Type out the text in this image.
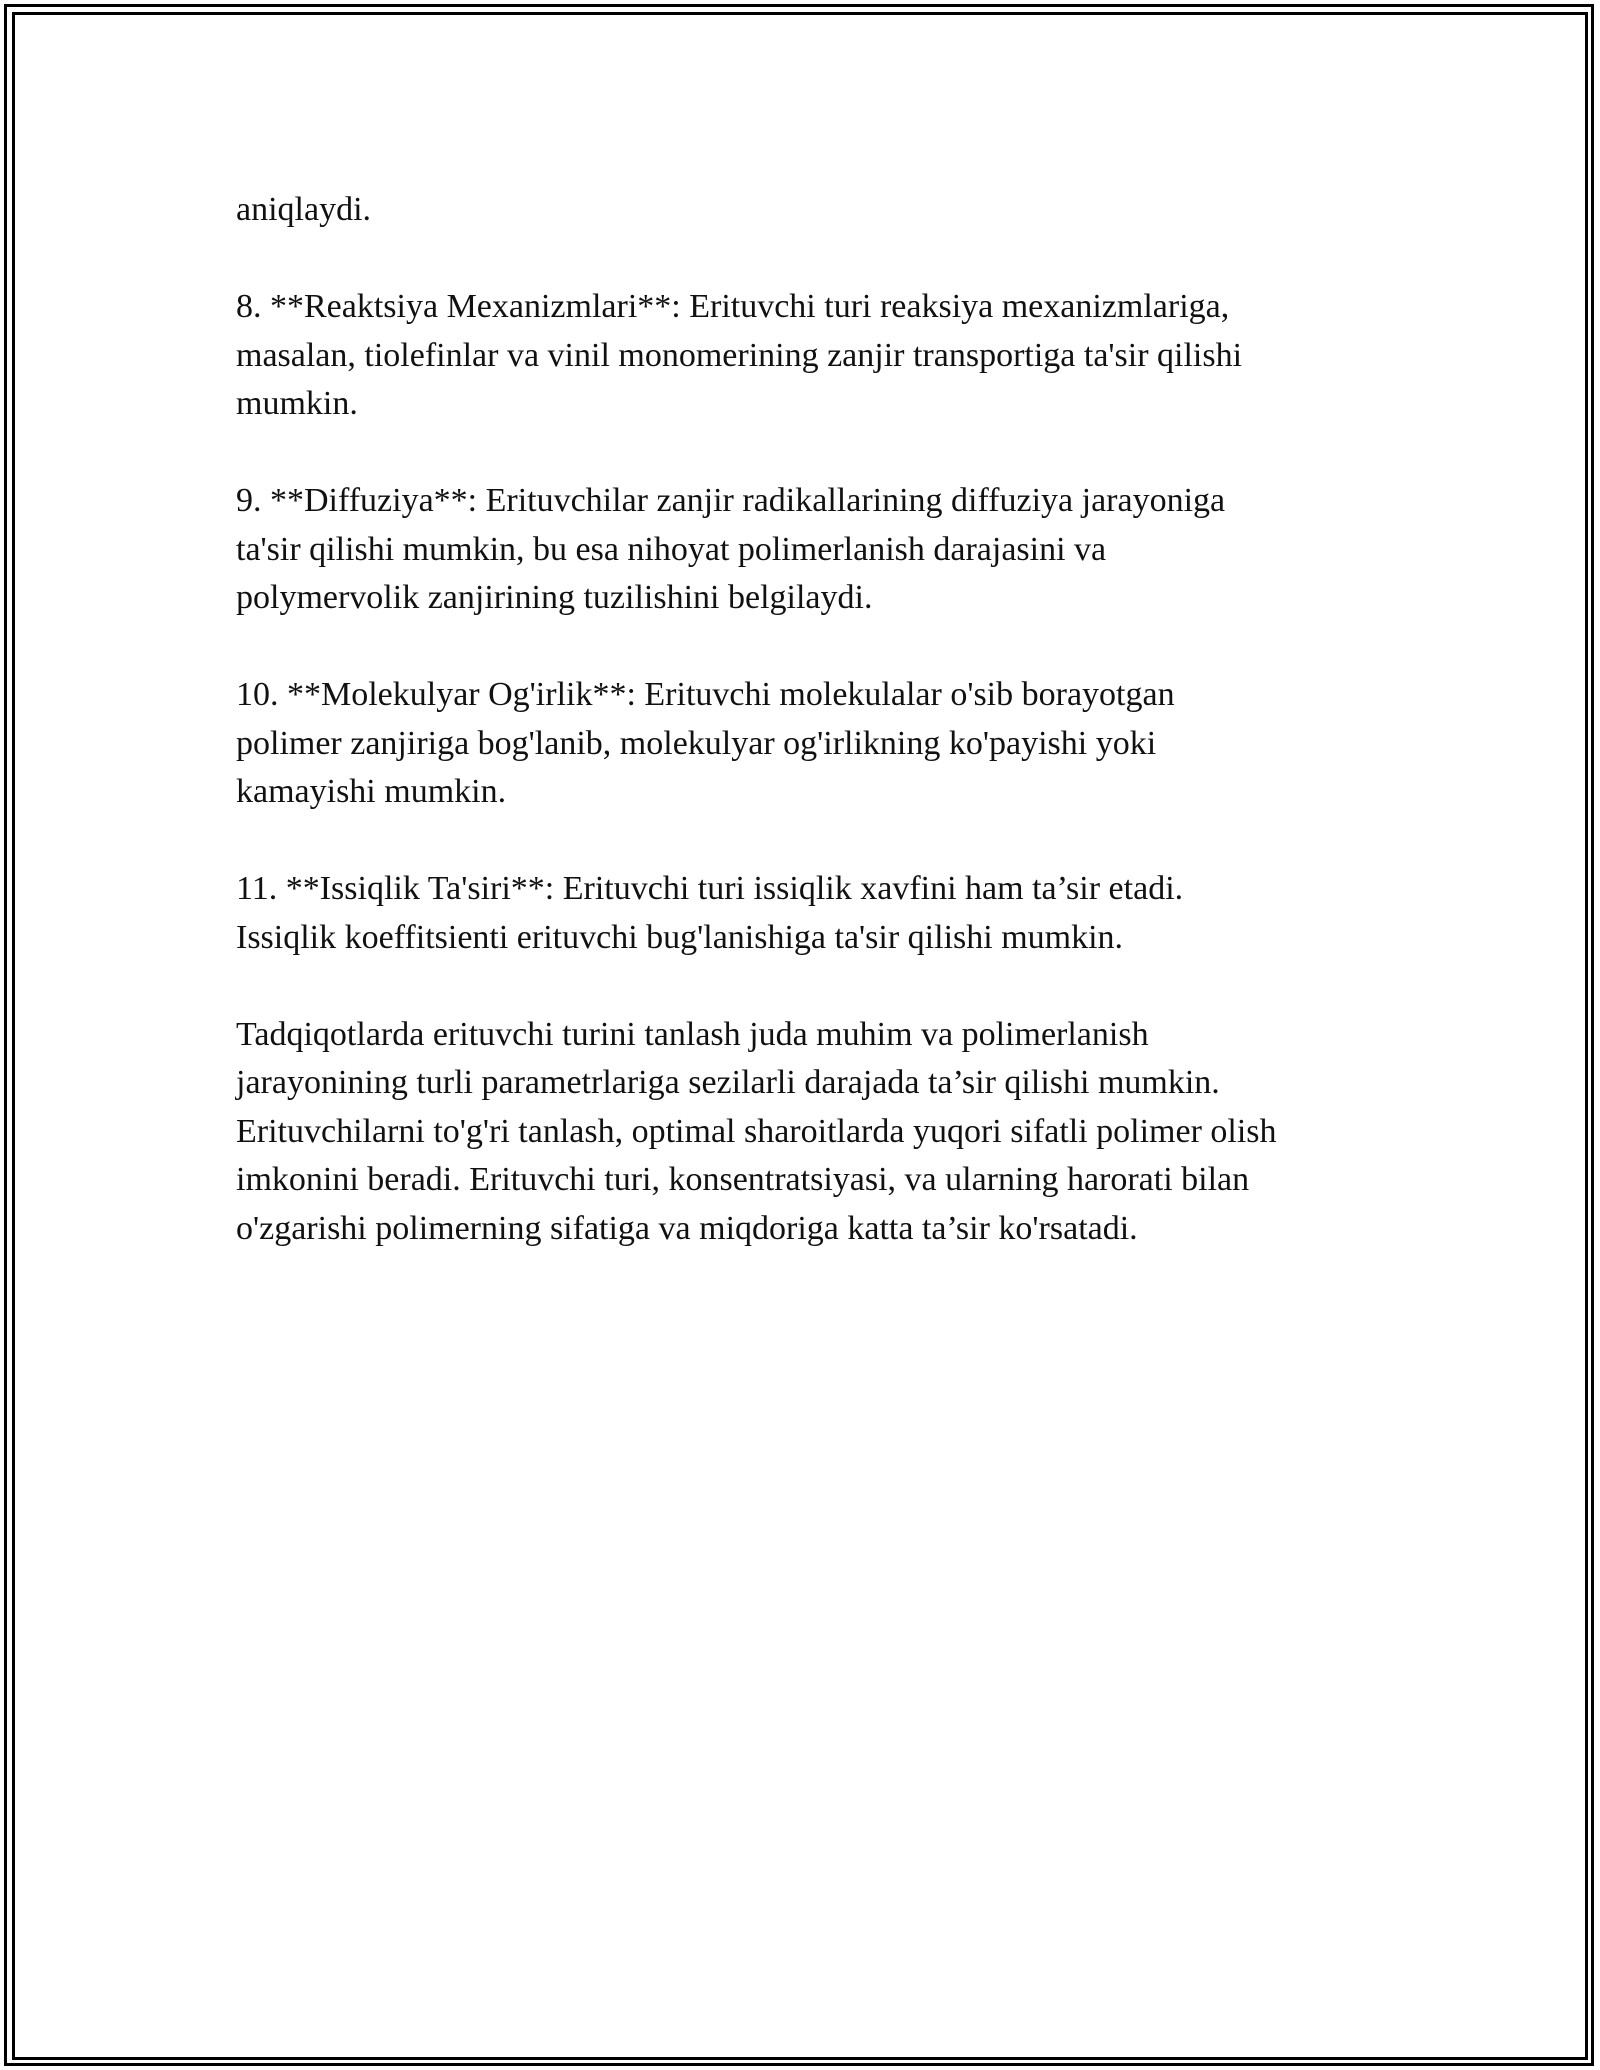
aniqlaydi.

8. **Reaktsiya Mexanizmlari**: Erituvchi turi reaksiya mexanizmlariga,
masalan, tiolefinlar va vinil monomerining zanjir transportiga ta'sir qilishi
mumkin.

9. **Diffuziya**: Erituvchilar zanjir radikallarining diffuziya jarayoniga
ta'sir qilishi mumkin, bu esa nihoyat polimerlanish darajasini va
polymervolik zanjirining tuzilishini belgilaydi.

10. **Molekulyar Og'irlik**: Erituvchi molekulalar o'sib borayotgan
polimer zanjiriga bog'lanib, molekulyar og'irlikning ko'payishi yoki
kamayishi mumkin.

11. **Issiqlik Ta'siri**: Erituvchi turi issiqlik xavfini ham ta’sir etadi.
Issiqlik koeffitsienti erituvchi bug'lanishiga ta'sir qilishi mumkin.

Tadqiqotlarda erituvchi turini tanlash juda muhim va polimerlanish
jarayonining turli parametrlariga sezilarli darajada ta’sir qilishi mumkin.
Erituvchilarni to'g'ri tanlash, optimal sharoitlarda yuqori sifatli polimer olish
imkonini beradi. Erituvchi turi, konsentratsiyasi, va ularning harorati bilan
o'zgarishi polimerning sifatiga va miqdoriga katta ta’sir ko'rsatadi.
